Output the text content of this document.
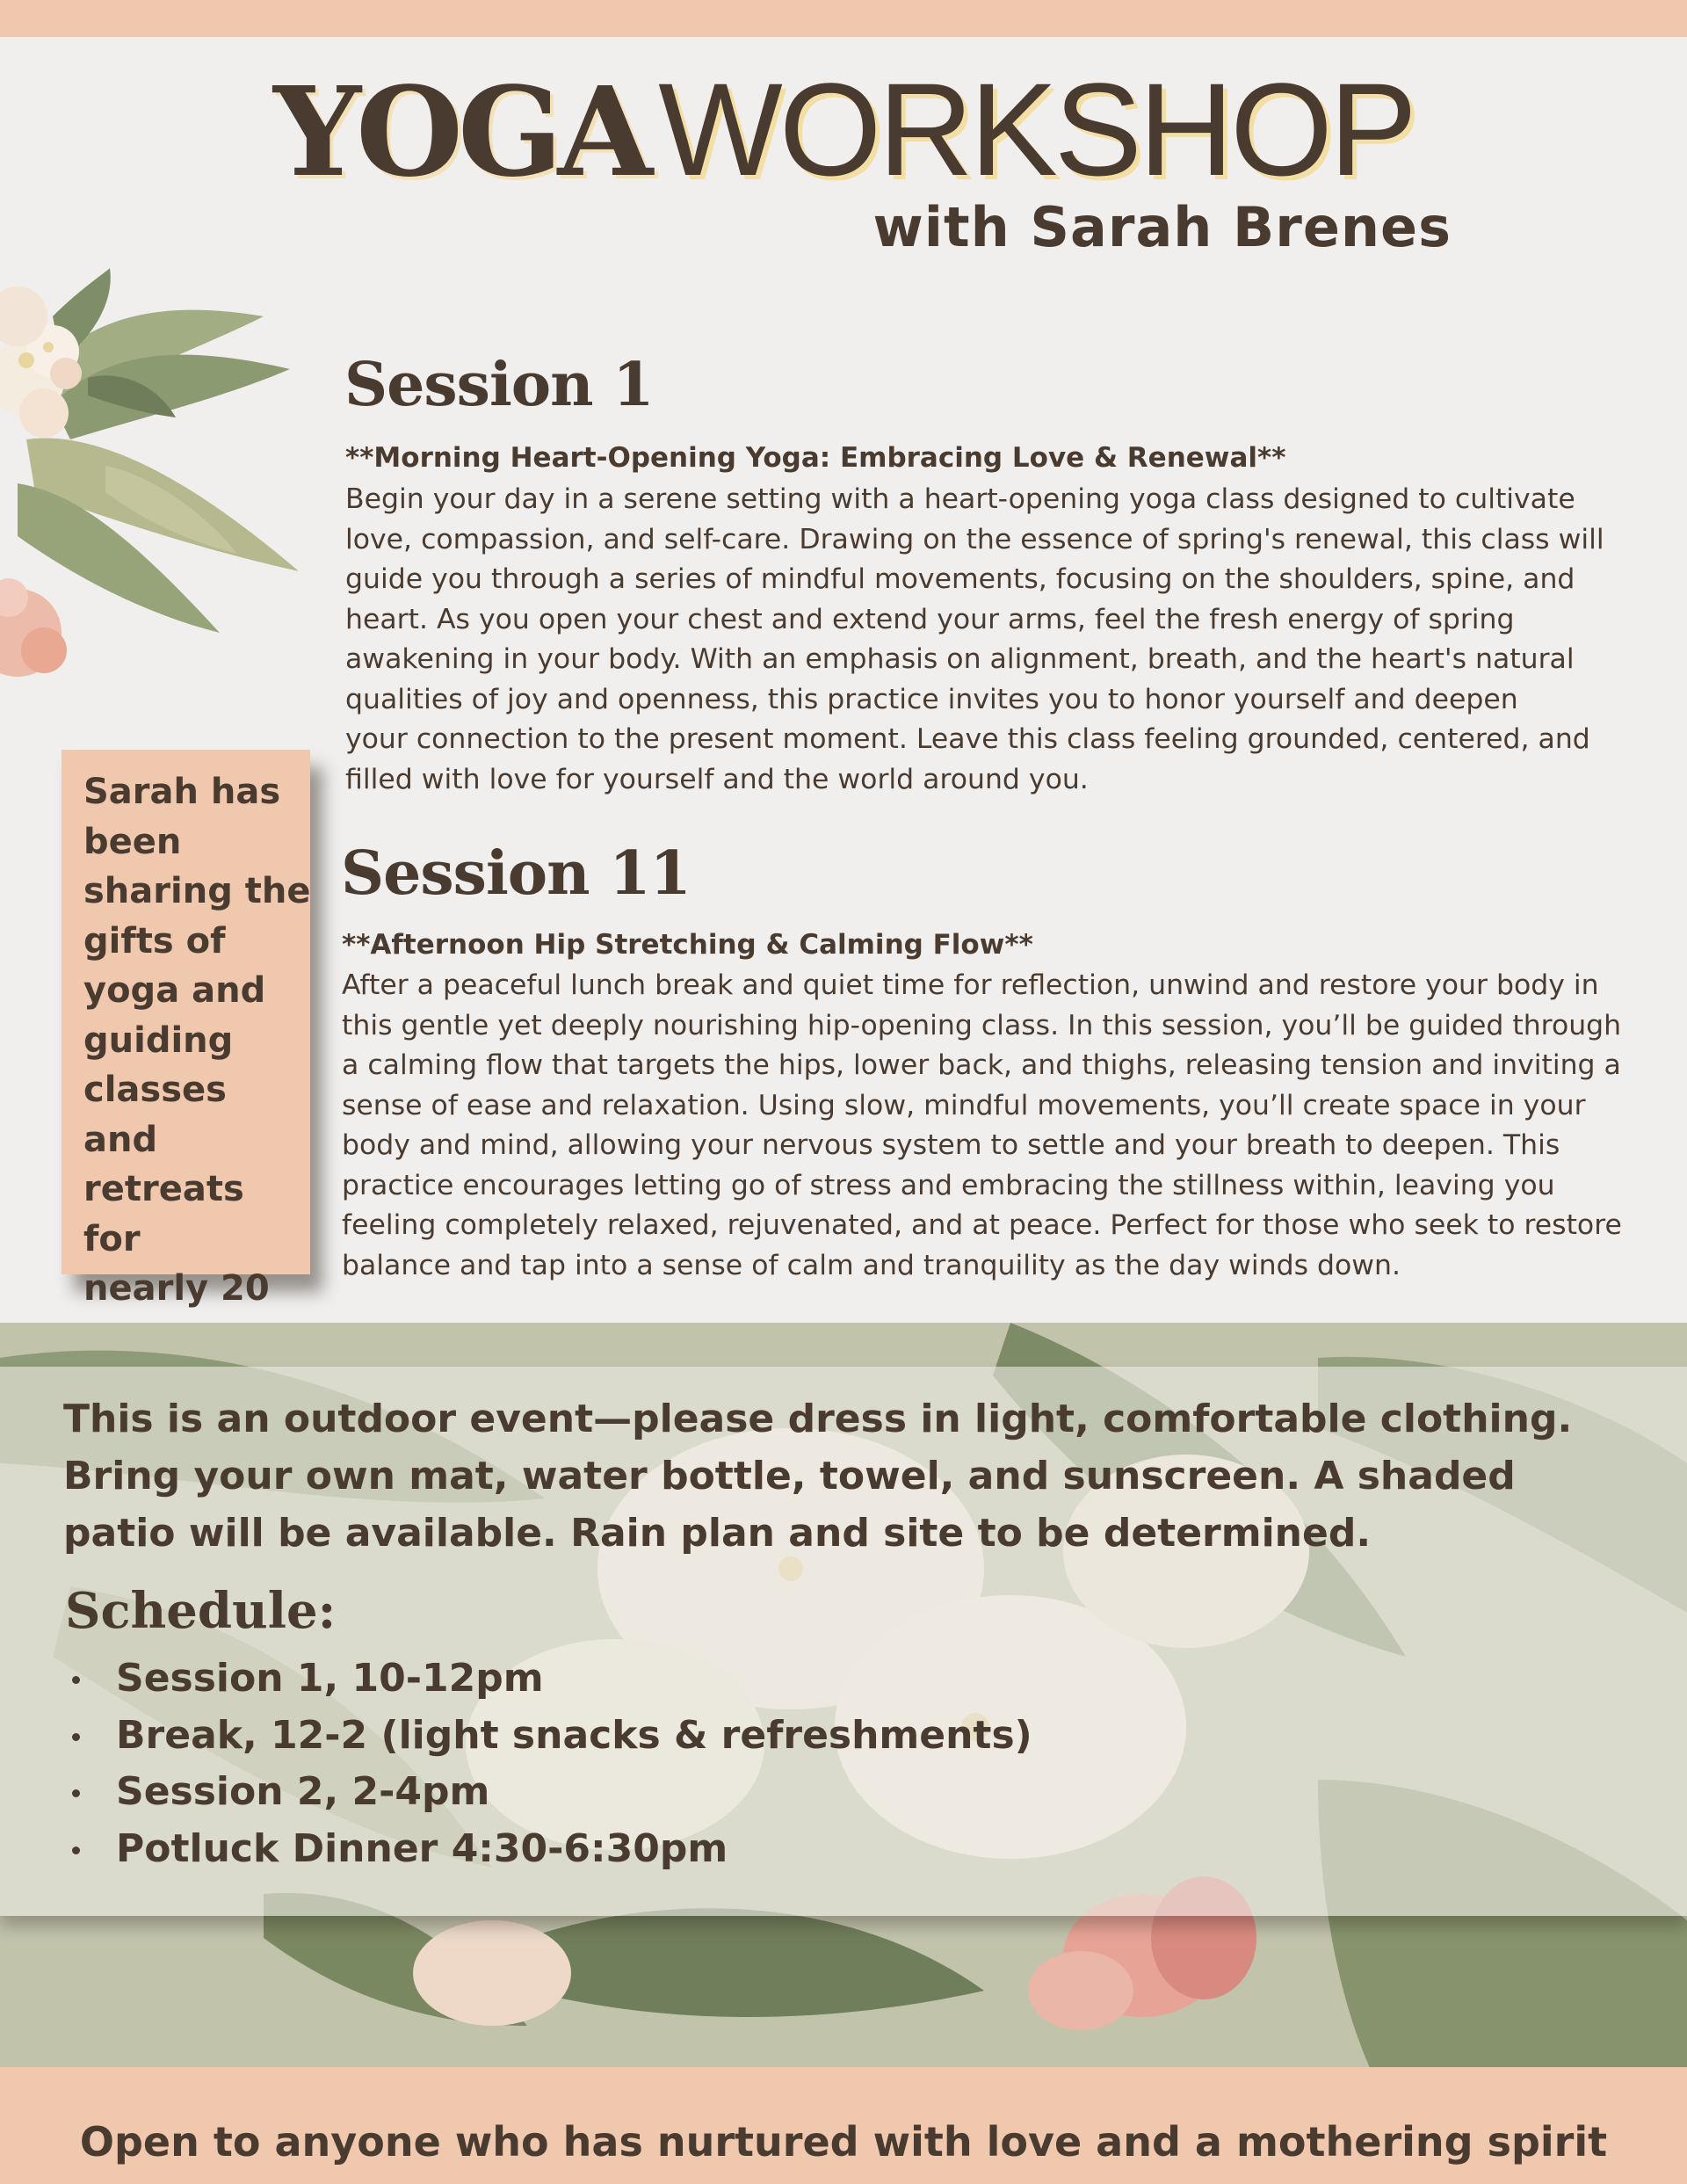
YOGAWORKSHOP
with Sarah Brenes
Session 1

**Morning Heart-Opening Yoga: Embracing Love & Renewal**

Begin your day in a serene setting with a heart-opening yoga class designed to cultivate
love, compassion, and self-care. Drawing on the essence of spring's renewal, this class will
guide you through a series of mindful movements, focusing on the shoulders, spine, and
heart. As you open your chest and extend your arms, feel the fresh energy of spring
awakening in your body. With an emphasis on alignment, breath, and the heart's natural
qualities of joy and openness, this practice invites you to honor yourself and deepen
your connection to the present moment. Leave this class feeling grounded, centered, and
filled with love for yourself and the world around you.
Session 11

**Afternoon Hip Stretching & Calming Flow**

After a peaceful lunch break and quiet time for reflection, unwind and restore your body in
this gentle yet deeply nourishing hip-opening class. In this session, you’ll be guided through
a calming flow that targets the hips, lower back, and thighs, releasing tension and inviting a
sense of ease and relaxation. Using slow, mindful movements, you’ll create space in your
body and mind, allowing your nervous system to settle and your breath to deepen. This
practice encourages letting go of stress and embracing the stillness within, leaving you
feeling completely relaxed, rejuvenated, and at peace. Perfect for those who seek to restore
balance and tap into a sense of calm and tranquility as the day winds down.
Sarah has
been
sharing the
gifts of
yoga and
guiding
classes and
retreats for
nearly 20
This is an outdoor event—please dress in light, comfortable clothing.
Bring your own mat, water bottle, towel, and sunscreen. A shaded
patio will be available. Rain plan and site to be determined.
Schedule:
Session 1, 10-12pm
Break, 12-2 (light snacks & refreshments)
Session 2, 2-4pm
Potluck Dinner 4:30-6:30pm

Open to anyone who has nurtured with love and a mothering spirit
